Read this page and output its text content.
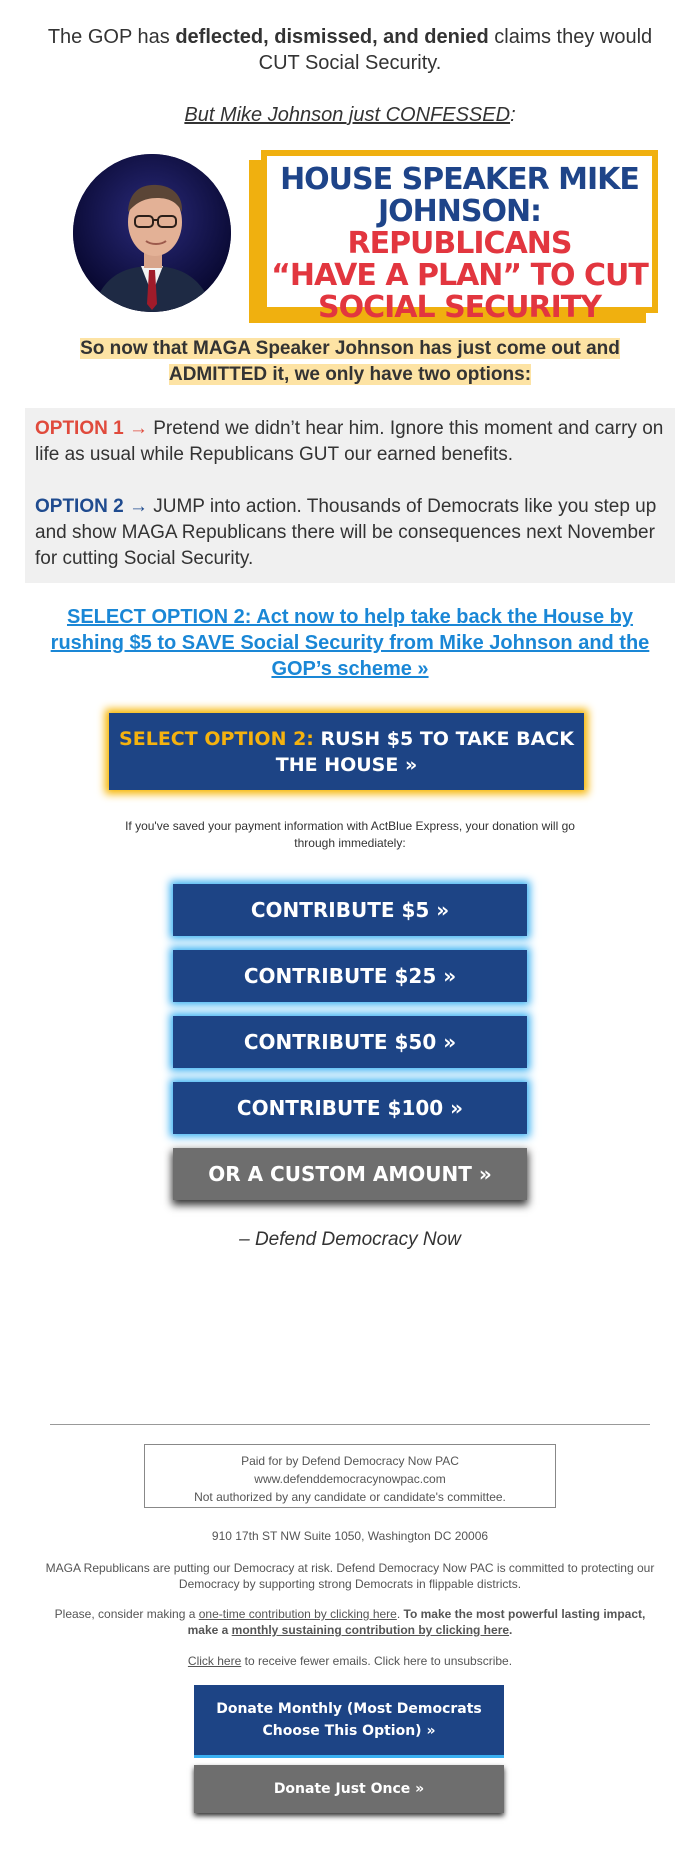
The GOP has deflected, dismissed, and denied claims they would CUT Social Security.
But Mike Johnson just CONFESSED:
HOUSE SPEAKER MIKE
JOHNSON: REPUBLICANS
“HAVE A PLAN” TO CUT
SOCIAL SECURITY
So now that MAGA Speaker Johnson has just come out and
ADMITTED it, we only have two options:
OPTION 1 → Pretend we didn’t hear him. Ignore this moment and carry on life as usual while Republicans GUT our earned benefits.
OPTION 2 → JUMP into action. Thousands of Democrats like you step up and show MAGA Republicans there will be consequences next November for cutting Social Security.
SELECT OPTION 2: Act now to help take back the House by rushing $5 to SAVE Social Security from Mike Johnson and the GOP’s scheme »
SELECT OPTION 2: RUSH $5 TO TAKE BACK THE HOUSE »
If you've saved your payment information with ActBlue Express, your donation will go through immediately:
CONTRIBUTE $5 »
CONTRIBUTE $25 »
CONTRIBUTE $50 »
CONTRIBUTE $100 »
OR A CUSTOM AMOUNT »
– Defend Democracy Now
Paid for by Defend Democracy Now PAC
www.defenddemocracynowpac.com
Not authorized by any candidate or candidate's committee.
910 17th ST NW Suite 1050, Washington DC 20006
MAGA Republicans are putting our Democracy at risk. Defend Democracy Now PAC is committed to protecting our Democracy by supporting strong Democrats in flippable districts.
Please, consider making a one-time contribution by clicking here. To make the most powerful lasting impact, make a monthly sustaining contribution by clicking here.
Click here to receive fewer emails. Click here to unsubscribe.
Donate Monthly (Most Democrats Choose This Option) »
Donate Just Once »
